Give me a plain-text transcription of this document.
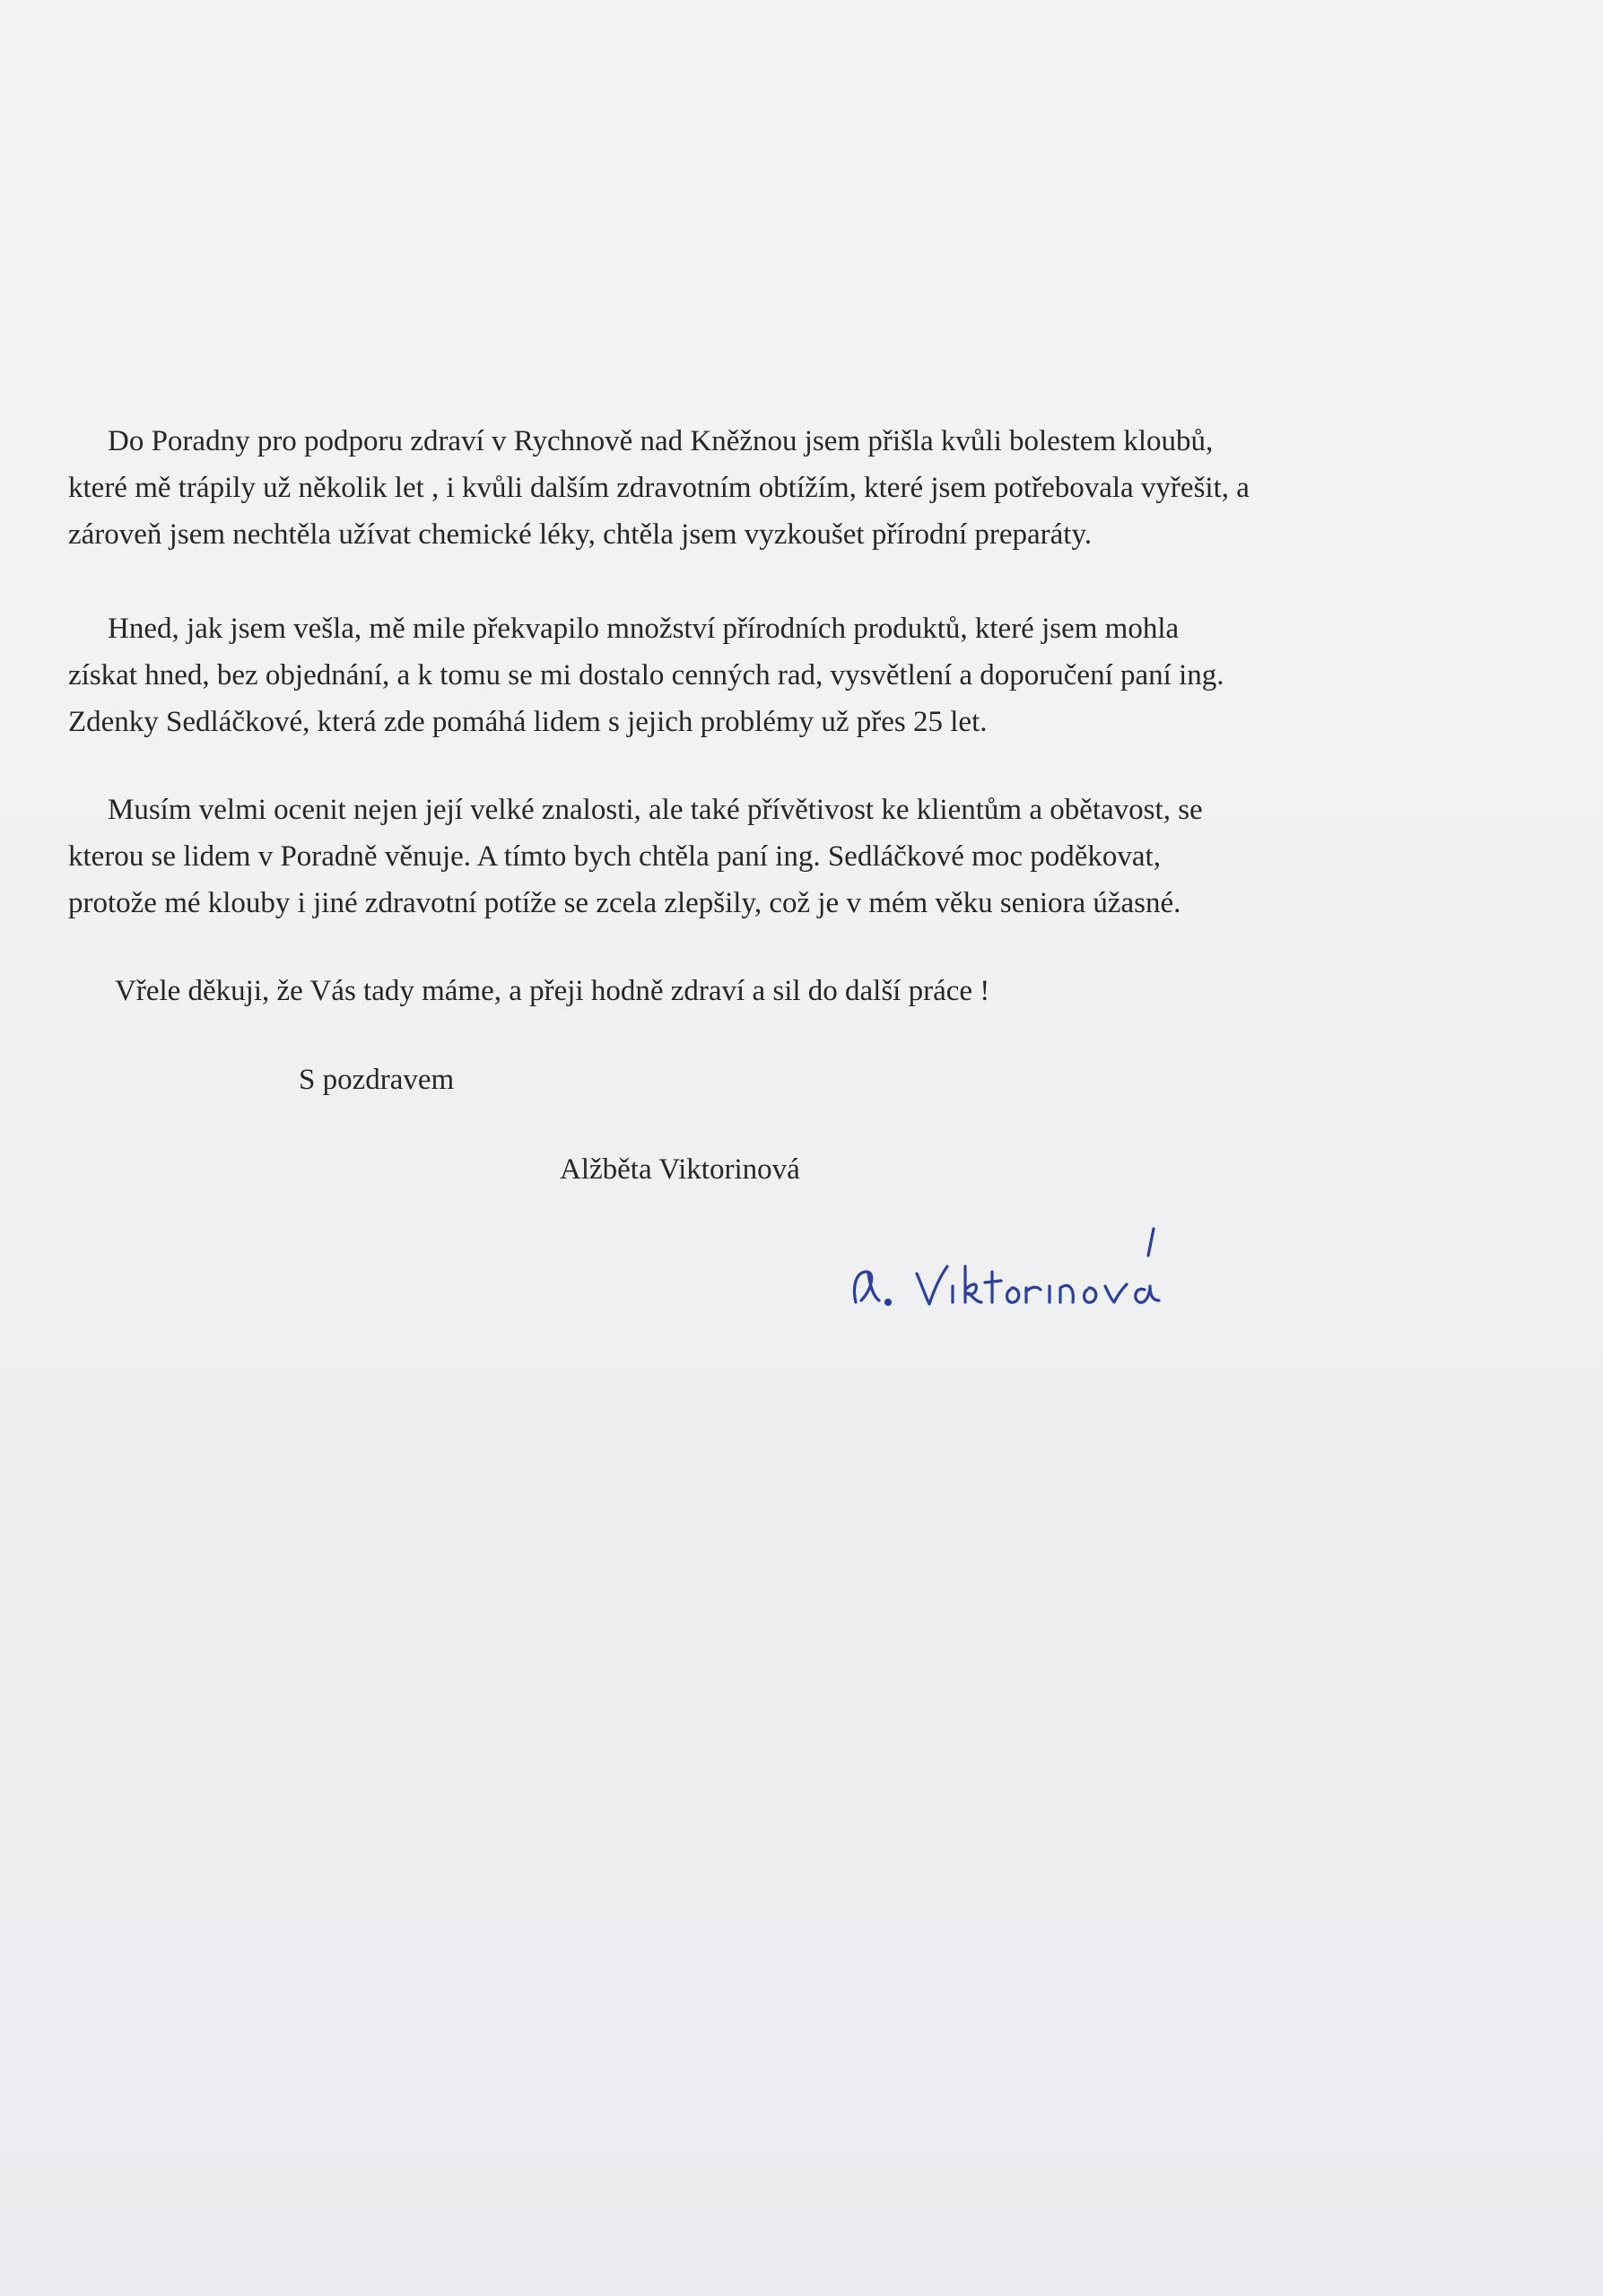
Do Poradny pro podporu zdraví v Rychnově nad Kněžnou jsem přišla kvůli bolestem kloubů,
které mě trápily už několik let , i kvůli dalším zdravotním obtížím, které jsem potřebovala vyřešit, a
zároveň jsem nechtěla užívat chemické léky, chtěla jsem vyzkoušet přírodní preparáty.

Hned, jak jsem vešla, mě mile překvapilo množství přírodních produktů, které jsem mohla
získat hned, bez objednání, a k tomu se mi dostalo cenných rad, vysvětlení a doporučení paní ing.
Zdenky Sedláčkové, která zde pomáhá lidem s jejich problémy už přes 25 let.

Musím velmi ocenit nejen její velké znalosti, ale také přívětivost ke klientům a obětavost, se
kterou se lidem v Poradně věnuje. A tímto bych chtěla paní ing. Sedláčkové moc poděkovat,
protože mé klouby i jiné zdravotní potíže se zcela zlepšily, což je v mém věku seniora úžasné.

Vřele děkuji, že Vás tady máme, a přeji hodně zdraví a sil do další práce !

S pozdravem

Alžběta Viktorinová
